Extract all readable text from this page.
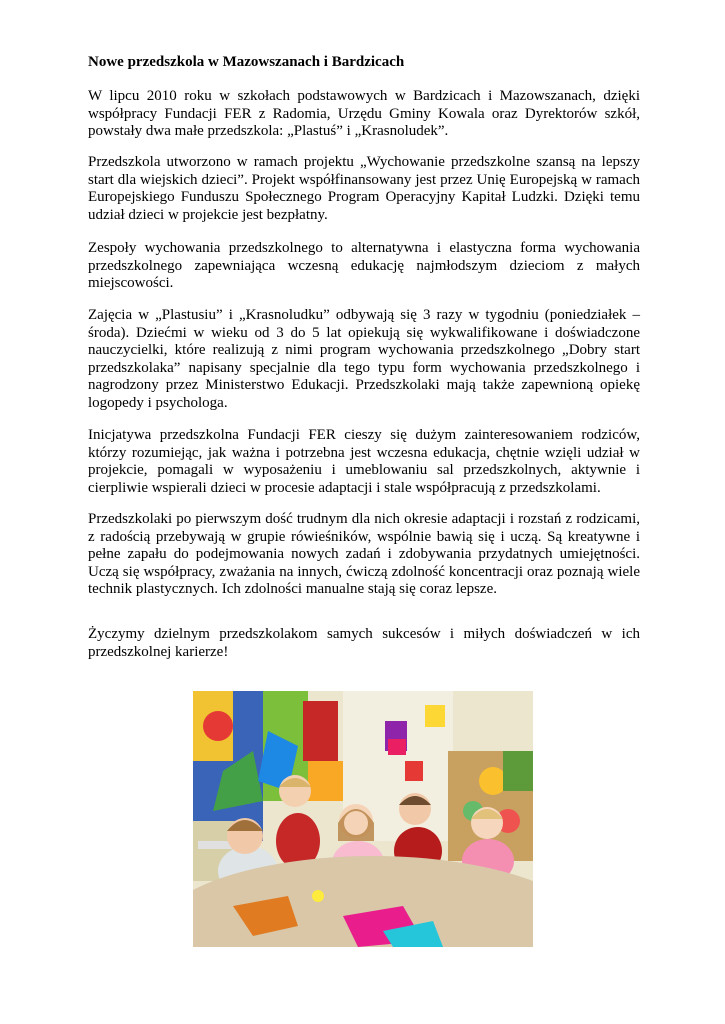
Nowe przedszkola w Mazowszanach i Bardzicach

W lipcu 2010 roku w szkołach podstawowych w Bardzicach i Mazowszanach, dzięki współpracy Fundacji FER z Radomia, Urzędu Gminy Kowala oraz Dyrektorów szkół, powstały dwa małe przedszkola: „Plastuś” i „Krasnoludek”.

Przedszkola utworzono w ramach projektu „Wychowanie przedszkolne szansą na lepszy start dla wiejskich dzieci”. Projekt współfinansowany jest przez Unię Europejską w ramach Europejskiego Funduszu Społecznego Program Operacyjny Kapitał Ludzki. Dzięki temu udział dzieci w projekcie jest bezpłatny.

Zespoły wychowania przedszkolnego to alternatywna i elastyczna forma wychowania przedszkolnego zapewniająca wczesną edukację najmłodszym dzieciom z małych miejscowości.

Zajęcia w „Plastusiu” i „Krasnoludku” odbywają się 3 razy w tygodniu (poniedziałek – środa). Dziećmi w wieku od 3 do 5 lat opiekują się wykwalifikowane i doświadczone nauczycielki, które realizują z nimi program wychowania przedszkolnego „Dobry start przedszkolaka” napisany specjalnie dla tego typu form wychowania przedszkolnego i nagrodzony przez Ministerstwo Edukacji. Przedszkolaki mają także zapewnioną opiekę logopedy i psychologa.

Inicjatywa przedszkolna Fundacji FER cieszy się dużym zainteresowaniem rodziców, którzy rozumiejąc, jak ważna i potrzebna jest wczesna edukacja, chętnie wzięli udział w projekcie, pomagali w wyposażeniu i umeblowaniu sal przedszkolnych, aktywnie i cierpliwie wspierali dzieci w procesie adaptacji i stale współpracują z przedszkolami.

Przedszkolaki po pierwszym dość trudnym dla nich okresie adaptacji i rozstań z rodzicami, z radością przebywają w grupie rówieśników, wspólnie bawią się i uczą. Są kreatywne i pełne zapału do podejmowania nowych zadań i zdobywania przydatnych umiejętności. Uczą się współpracy, zważania na innych, ćwiczą zdolność koncentracji oraz poznają wiele technik plastycznych. Ich zdolności manualne stają się coraz lepsze.

Życzymy dzielnym przedszkolakom samych sukcesów i miłych doświadczeń w ich przedszkolnej karierze!
